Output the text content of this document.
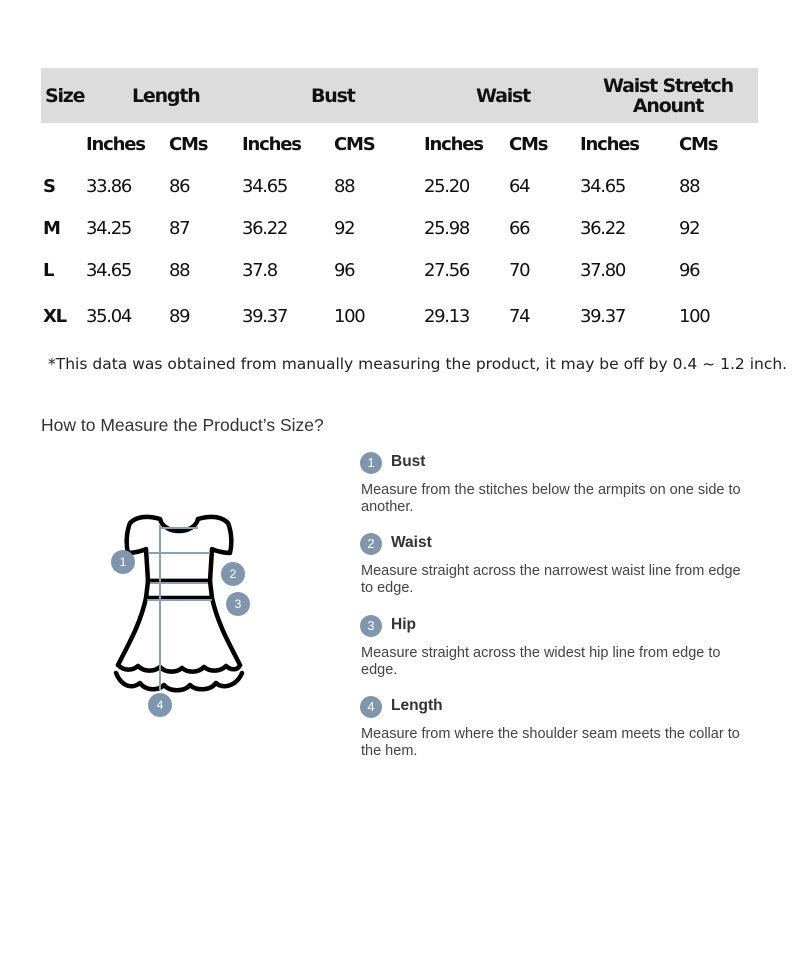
Size	Length	Bust	Waist	Waist Stretch
Anount
Inches CMs Inches CMS	Inches CMs Inches CMs
S 33.86 86	34.65	88	25.20 64	34.65	88
M 34.25 87	36.22	92	25.98 66	36.22	92
L 34.65 88	37.8	96	27.56 70	37.80	96
XL 35.04 89	39.37	100	29.13 74	39.37	100
*This data was obtained from manually measuring the product, it may be off by 0.4 ~ 1.2 inch.
How to Measure the Product’s Size?
1
2
3
4
1	Bust
Measure from the stitches below the armpits on one side to another.
2	Waist
Measure straight across the narrowest waist line from edge to edge.
3	Hip
Measure straight across the widest hip line from edge to edge.
4	Length
Measure from where the shoulder seam meets the collar to the hem.
